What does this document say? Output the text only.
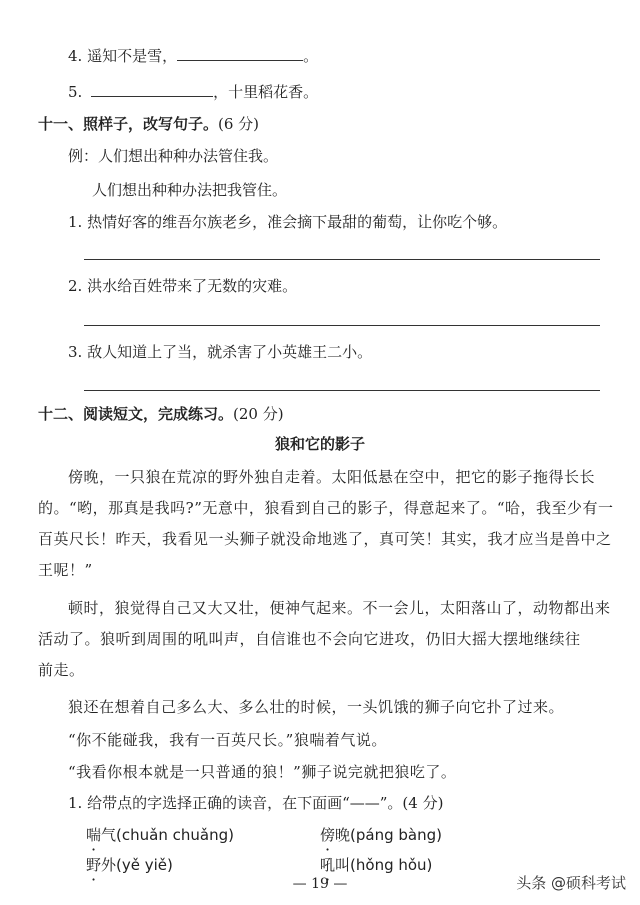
4. 遥知不是雪，	。
5.	，十里稻花香。
十一、照样子，改写句子。(6 分)
例：人们想出种种办法管住我。
人们想出种种办法把我管住。
1. 热情好客的维吾尔族老乡，准会摘下最甜的葡萄，让你吃个够。
2. 洪水给百姓带来了无数的灾难。
3. 敌人知道上了当，就杀害了小英雄王二小。
十二、阅读短文，完成练习。(20 分)
狼和它的影子
傍晚，一只狼在荒凉的野外独自走着。太阳低悬在空中，把它的影子拖得长长
的。“哟，那真是我吗?”无意中，狼看到自己的影子，得意起来了。“哈，我至少有一
百英尺长！昨天，我看见一头狮子就没命地逃了，真可笑！其实，我才应当是兽中之
王呢！”
顿时，狼觉得自己又大又壮，便神气起来。不一会儿，太阳落山了，动物都出来
活动了。狼听到周围的吼叫声，自信谁也不会向它进攻，仍旧大摇大摆地继续往
前走。
狼还在想着自己多么大、多么壮的时候，一头饥饿的狮子向它扑了过来。
“你不能碰我，我有一百英尺长。”狼喘着气说。
“我看你根本就是一只普通的狼！”狮子说完就把狼吃了。
1. 给带点的字选择正确的读音，在下面画“——”。(4 分)
喘气(chuǎn chuǎng)	傍晚(páng bàng)
野外(yě yiě)	吼叫(hǒng hǒu)
— 19 —	头条 @硕科考试
